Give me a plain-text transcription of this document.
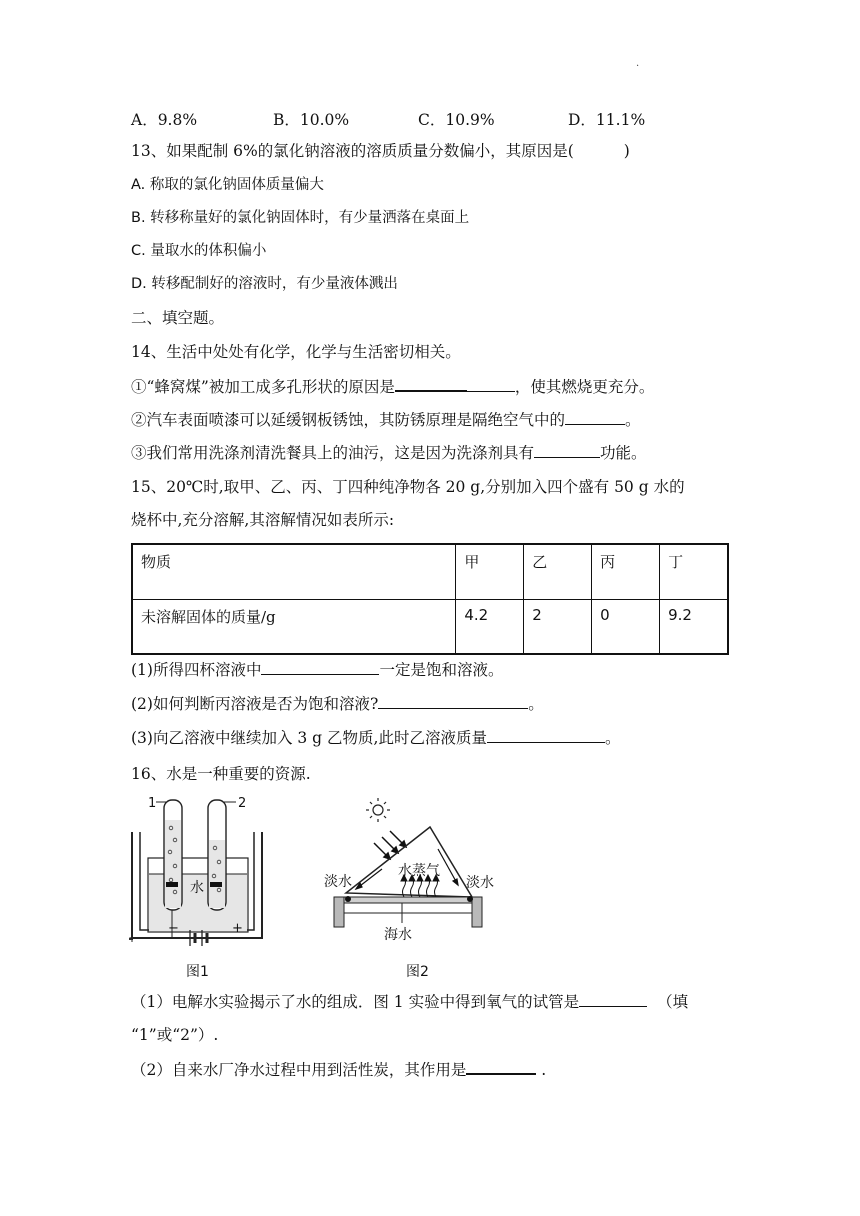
.
A．9.8%	B．10.0%	C．10.9%	D．11.1%
13、如果配制 6%的氯化钠溶液的溶质质量分数偏小，其原因是(	)
A. 称取的氯化钠固体质量偏大
B. 转移称量好的氯化钠固体时，有少量洒落在桌面上
C. 量取水的体积偏小
D. 转移配制好的溶液时，有少量液体溅出
二、填空题。
14、生活中处处有化学，化学与生活密切相关。
①“蜂窝煤”被加工成多孔形状的原因是	，使其燃烧更充分。
②汽车表面喷漆可以延缓钢板锈蚀，其防锈原理是隔绝空气中的	。
③我们常用洗涤剂清洗餐具上的油污，这是因为洗涤剂具有	功能。
15、20℃时,取甲、乙、丙、丁四种纯净物各 20 g,分别加入四个盛有 50 g 水的
烧杯中,充分溶解,其溶解情况如表所示:
物质	甲	乙	丙	丁
未溶解固体的质量/g	4.2	2	0	9.2
(1)所得四杯溶液中	一定是饱和溶液。
(2)如何判断丙溶液是否为饱和溶液?	。
(3)向乙溶液中继续加入 3 g 乙物质,此时乙溶液质量	。
16、水是一种重要的资源.
水
1	2
−	+
图1
淡水
水蒸气
淡水
海水
图2
（1）电解水实验揭示了水的组成．图 1 实验中得到氧气的试管是	（填
“1”或“2”）.
（2）自来水厂净水过程中用到活性炭，其作用是	.
